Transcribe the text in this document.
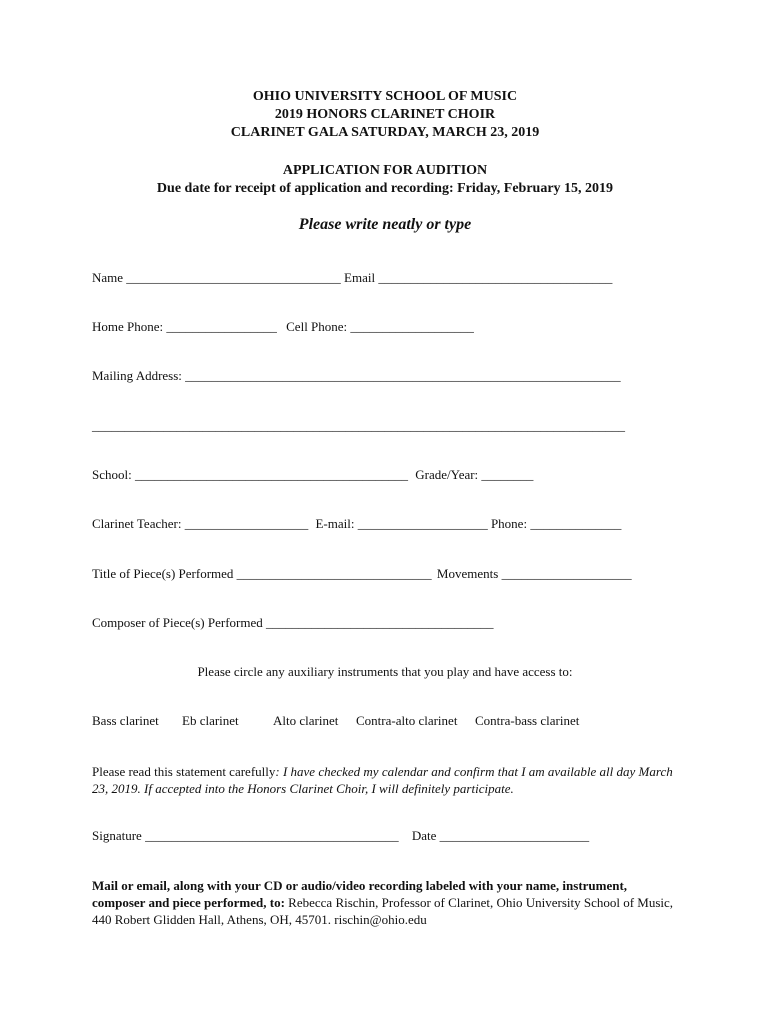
OHIO UNIVERSITY SCHOOL OF MUSIC
2019 HONORS CLARINET CHOIR
CLARINET GALA SATURDAY, MARCH 23, 2019
APPLICATION FOR AUDITION
Due date for receipt of application and recording: Friday, February 15, 2019
Please write neatly or type
Name _________________________________ Email ____________________________________
Home Phone: _________________ Cell Phone: ___________________
Mailing Address: ___________________________________________________________________
__________________________________________________________________________________
School: __________________________________________ Grade/Year: ________
Clarinet Teacher: ___________________ E-mail: ____________________ Phone: ______________
Title of Piece(s) Performed ______________________________ Movements ____________________
Composer of Piece(s) Performed ___________________________________
Please circle any auxiliary instruments that you play and have access to:
Bass clarinet Eb clarinet	Alto clarinet Contra-alto clarinet Contra-bass clarinet
Please read this statement carefully: I have checked my calendar and confirm that I am available all day March 23, 2019. If accepted into the Honors Clarinet Choir, I will definitely participate.
Signature _______________________________________ Date _______________________
Mail or email, along with your CD or audio/video recording labeled with your name, instrument, composer and piece performed, to: Rebecca Rischin, Professor of Clarinet, Ohio University School of Music, 440 Robert Glidden Hall, Athens, OH, 45701. rischin@ohio.edu
